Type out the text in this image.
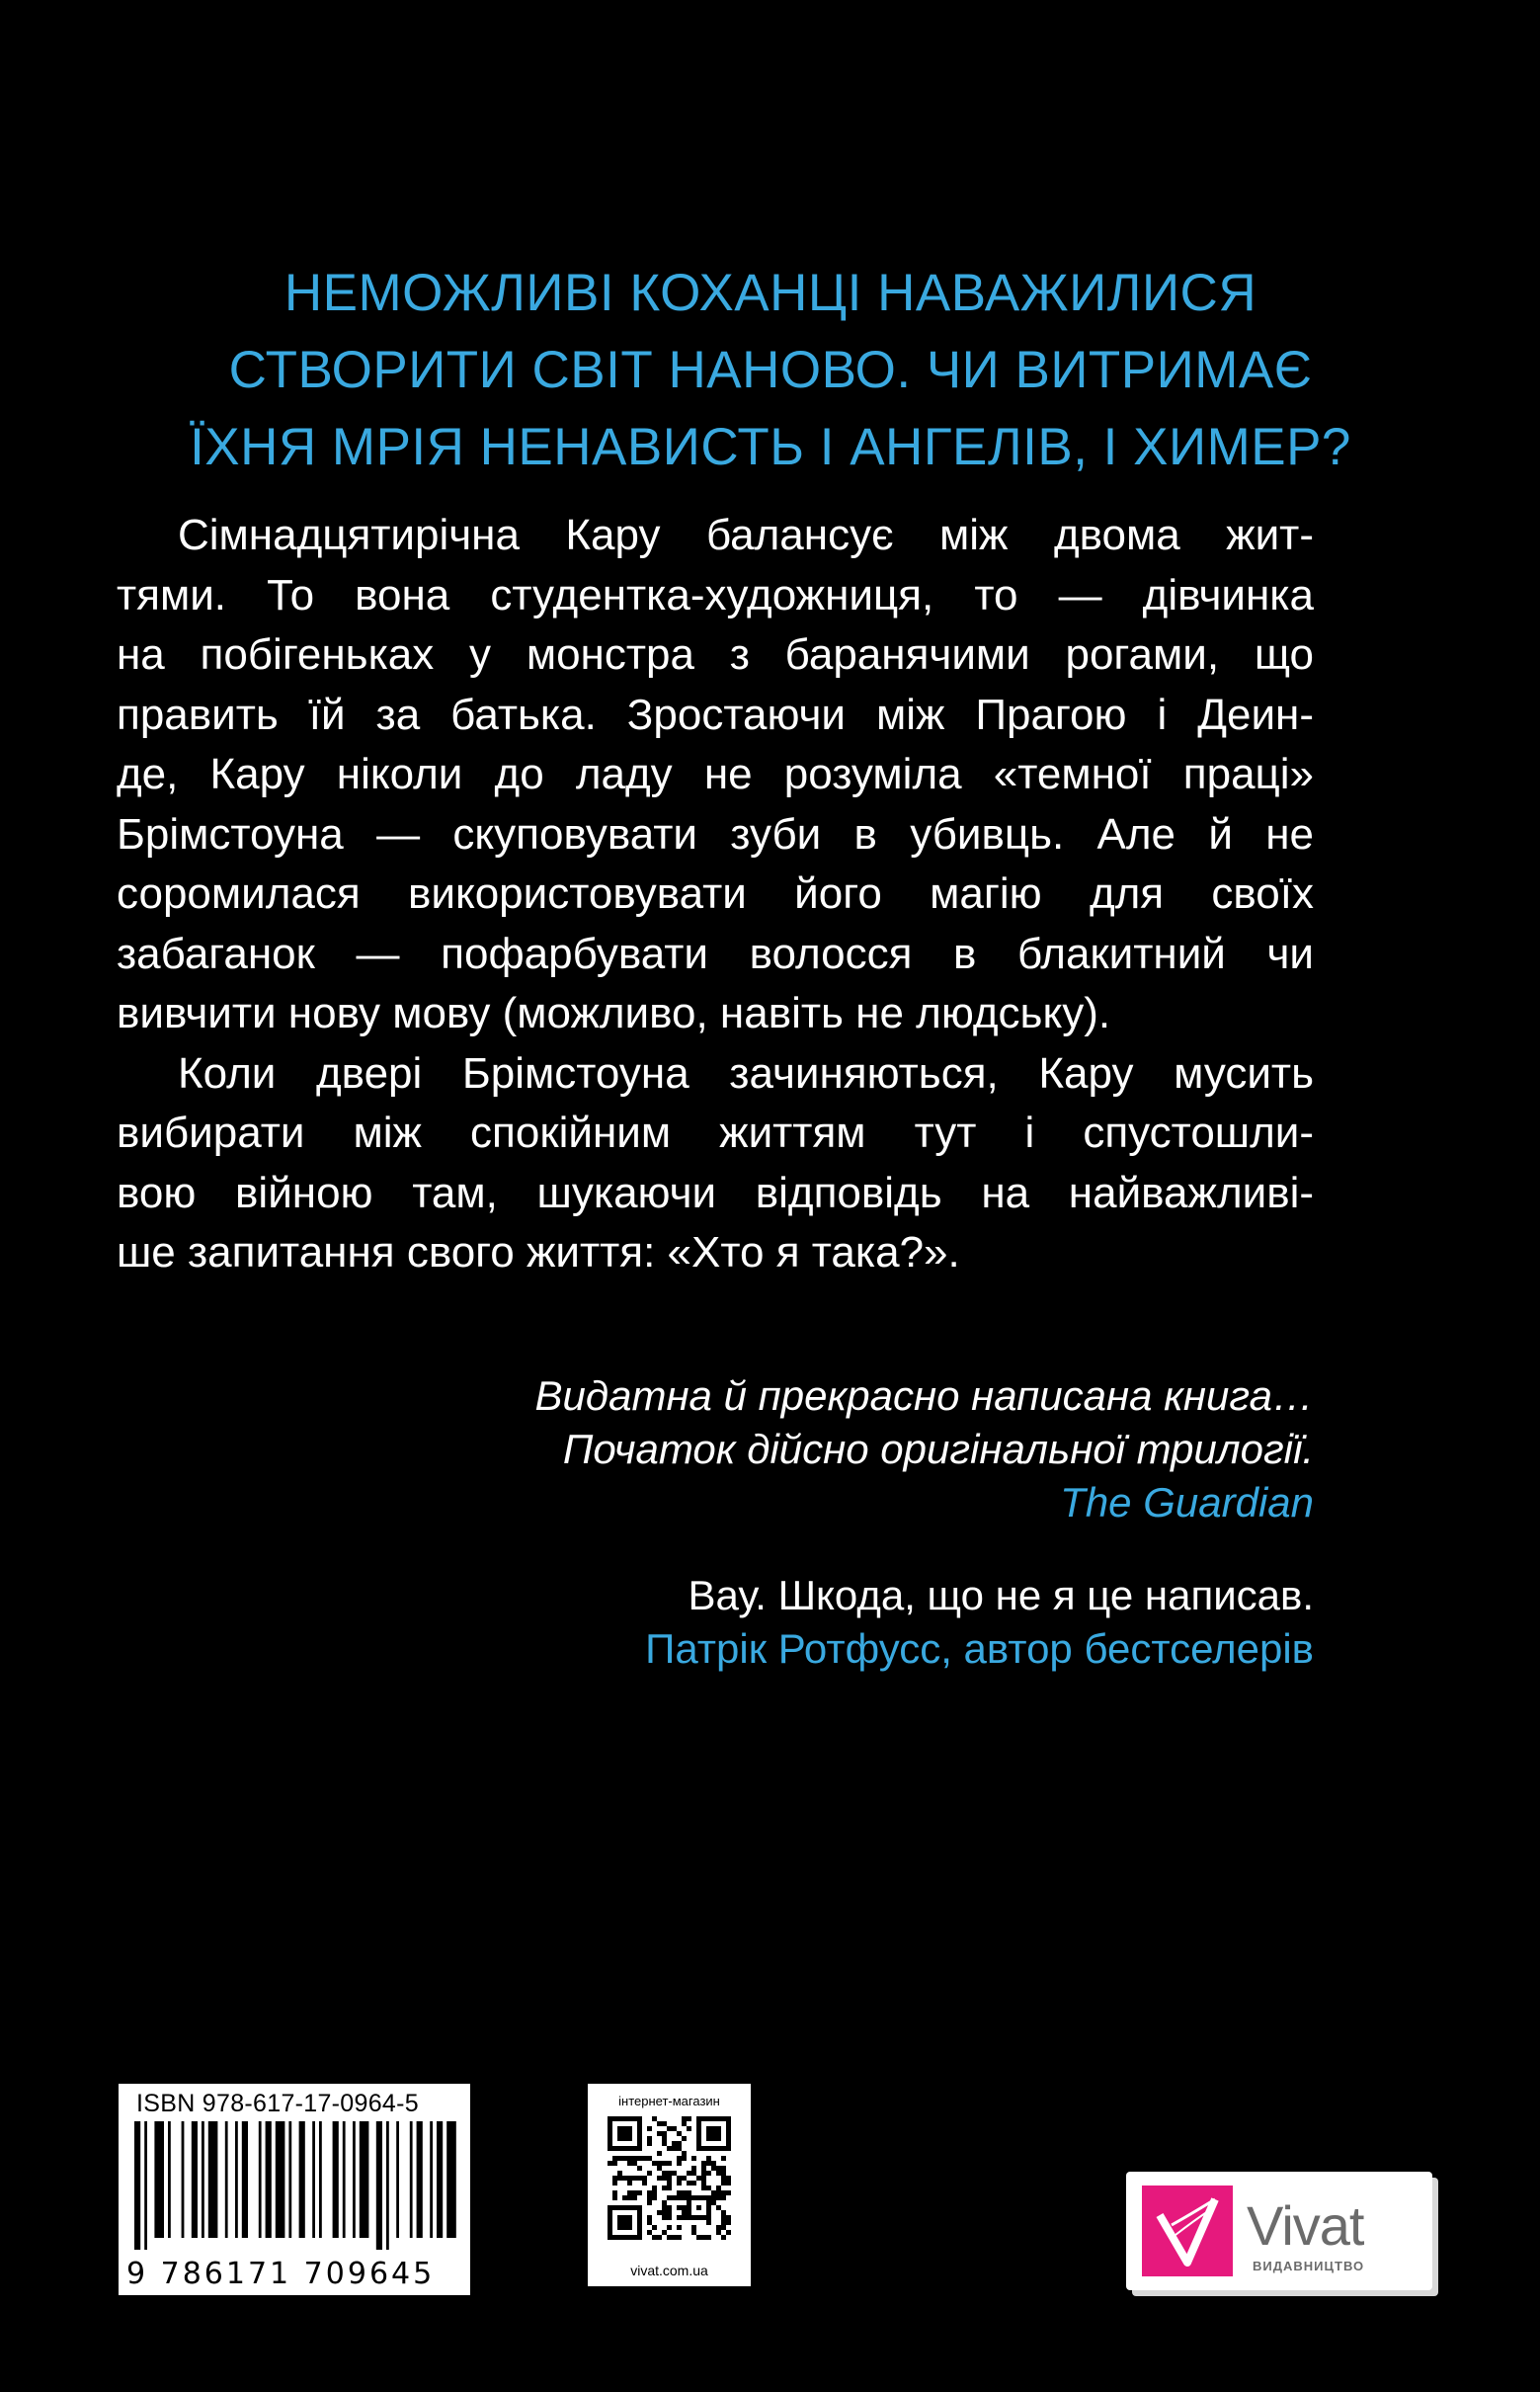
НЕМОЖЛИВІ КОХАНЦІ НАВАЖИЛИСЯ
СТВОРИТИ СВІТ НАНОВО. ЧИ ВИТРИМАЄ
ЇХНЯ МРІЯ НЕНАВИСТЬ І АНГЕЛІВ, І ХИМЕР?
Сімнадцятирічна Кару балансує між двома жит-
тями. То вона студентка-художниця, то — дівчинка
на побігеньках у монстра з баранячими рогами, що
править їй за батька. Зростаючи між Прагою і Деин-
де, Кару ніколи до ладу не розуміла «темної праці»
Брімстоуна — скуповувати зуби в убивць. Але й не
соромилася використовувати його магію для своїх
забаганок — пофарбувати волосся в блакитний чи
вивчити нову мову (можливо, навіть не людську).
Коли двері Брімстоуна зачиняються, Кару мусить
вибирати між спокійним життям тут і спустошли-
вою війною там, шукаючи відповідь на найважливі-
ше запитання свого життя: «Хто я така?».
Видатна й прекрасно написана книга…
Початок дійсно оригінальної трилогії.
The Guardian
Вау. Шкода, що не я це написав.
Патрік Ротфусс, автор бестселерів
ISBN 978-617-17-0964-5
9 786171 709645
інтернет-магазин
vivat.com.ua
Vivat
ВИДАВНИЦТВО
